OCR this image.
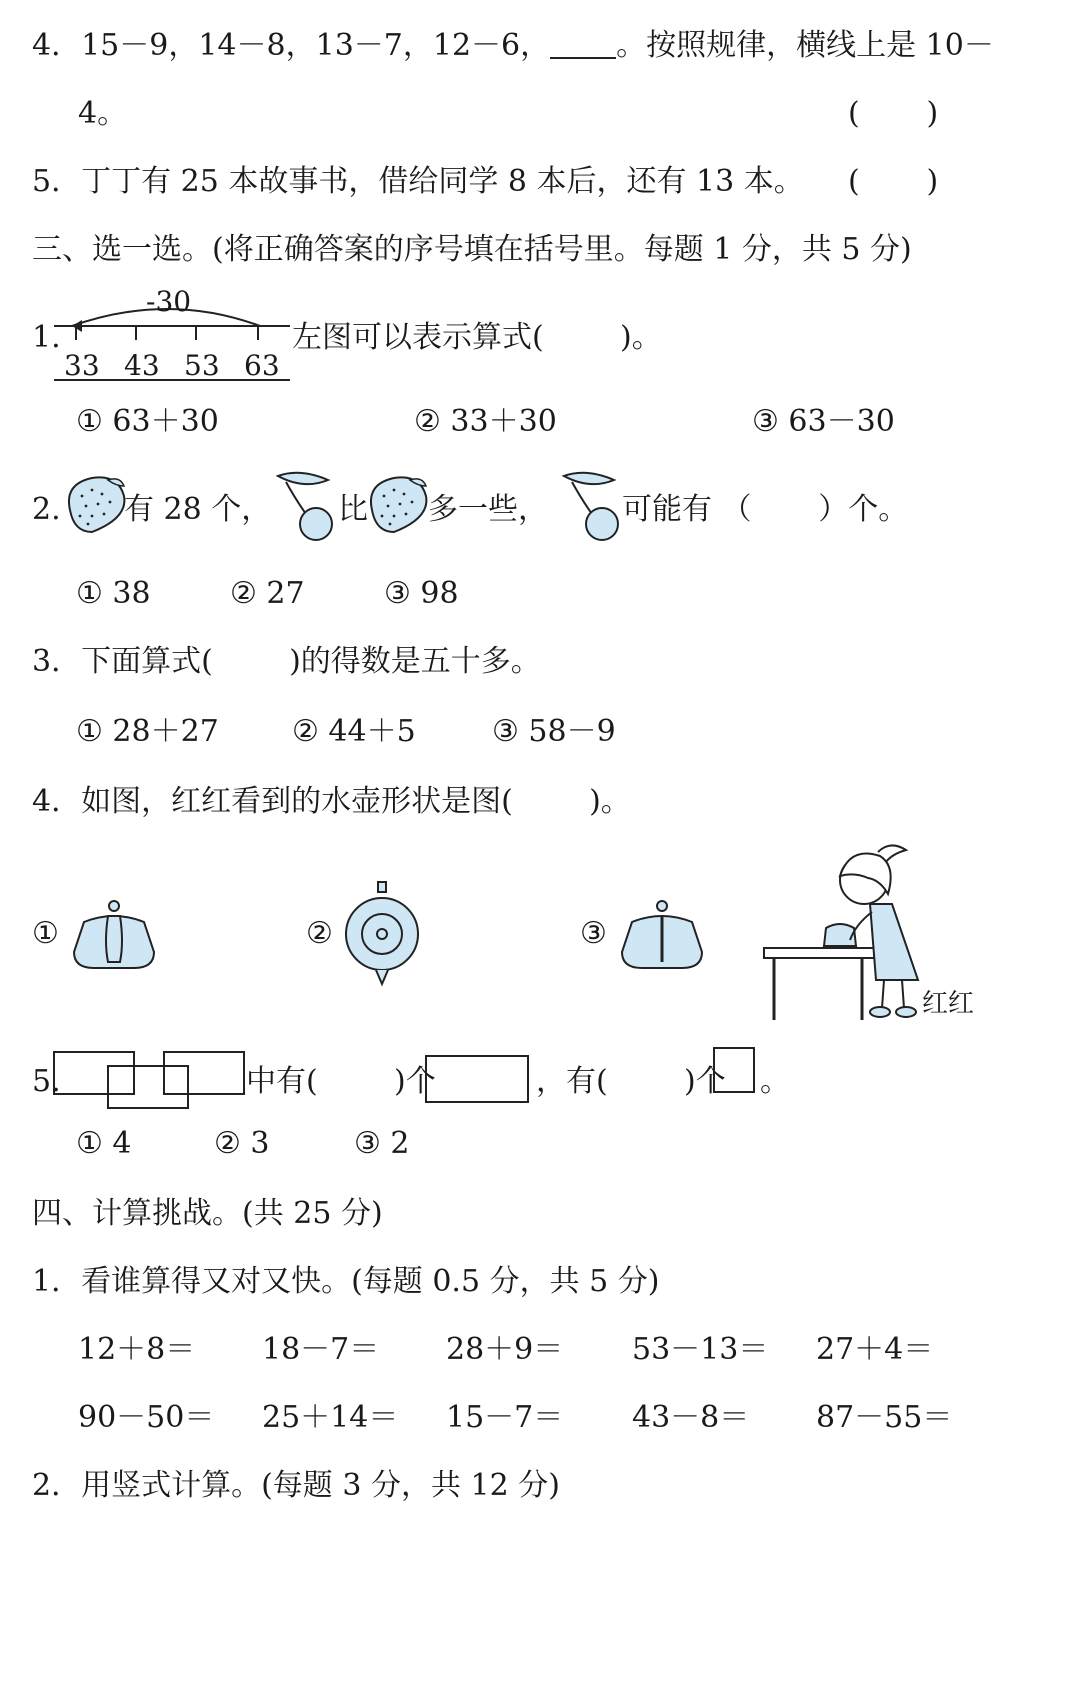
4．15－9，14－8，13－7，12－6， 。按照规律，横线上是 10－
4。	(       )
5．丁丁有 25 本故事书，借给同学 8 本后，还有 13 本。 (       )
三、选一选。(将正确答案的序号填在括号里。每题 1 分，共 5 分)
1.
-30
33 43 53 63
左图可以表示算式(        )。
① 63＋30	② 33＋30	③ 63－30
2. 有 28 个， 比 多一些， 可能有 （       ）个。
① 38	② 27	③ 98
3．下面算式(        )的得数是五十多。
① 28＋27 ② 44＋5	③ 58－9
4．如图，红红看到的水壶形状是图(        )。
①	②	③
红红
5.	中有(        )个	，有(        )个 。
① 4	② 3	③ 2
四、计算挑战。(共 25 分)
1．看谁算得又对又快。(每题 0.5 分，共 5 分)
12＋8＝ 18－7＝ 28＋9＝ 53－13＝ 27＋4＝
90－50＝ 25＋14＝ 15－7＝ 43－8＝ 87－55＝
2．用竖式计算。(每题 3 分，共 12 分)
